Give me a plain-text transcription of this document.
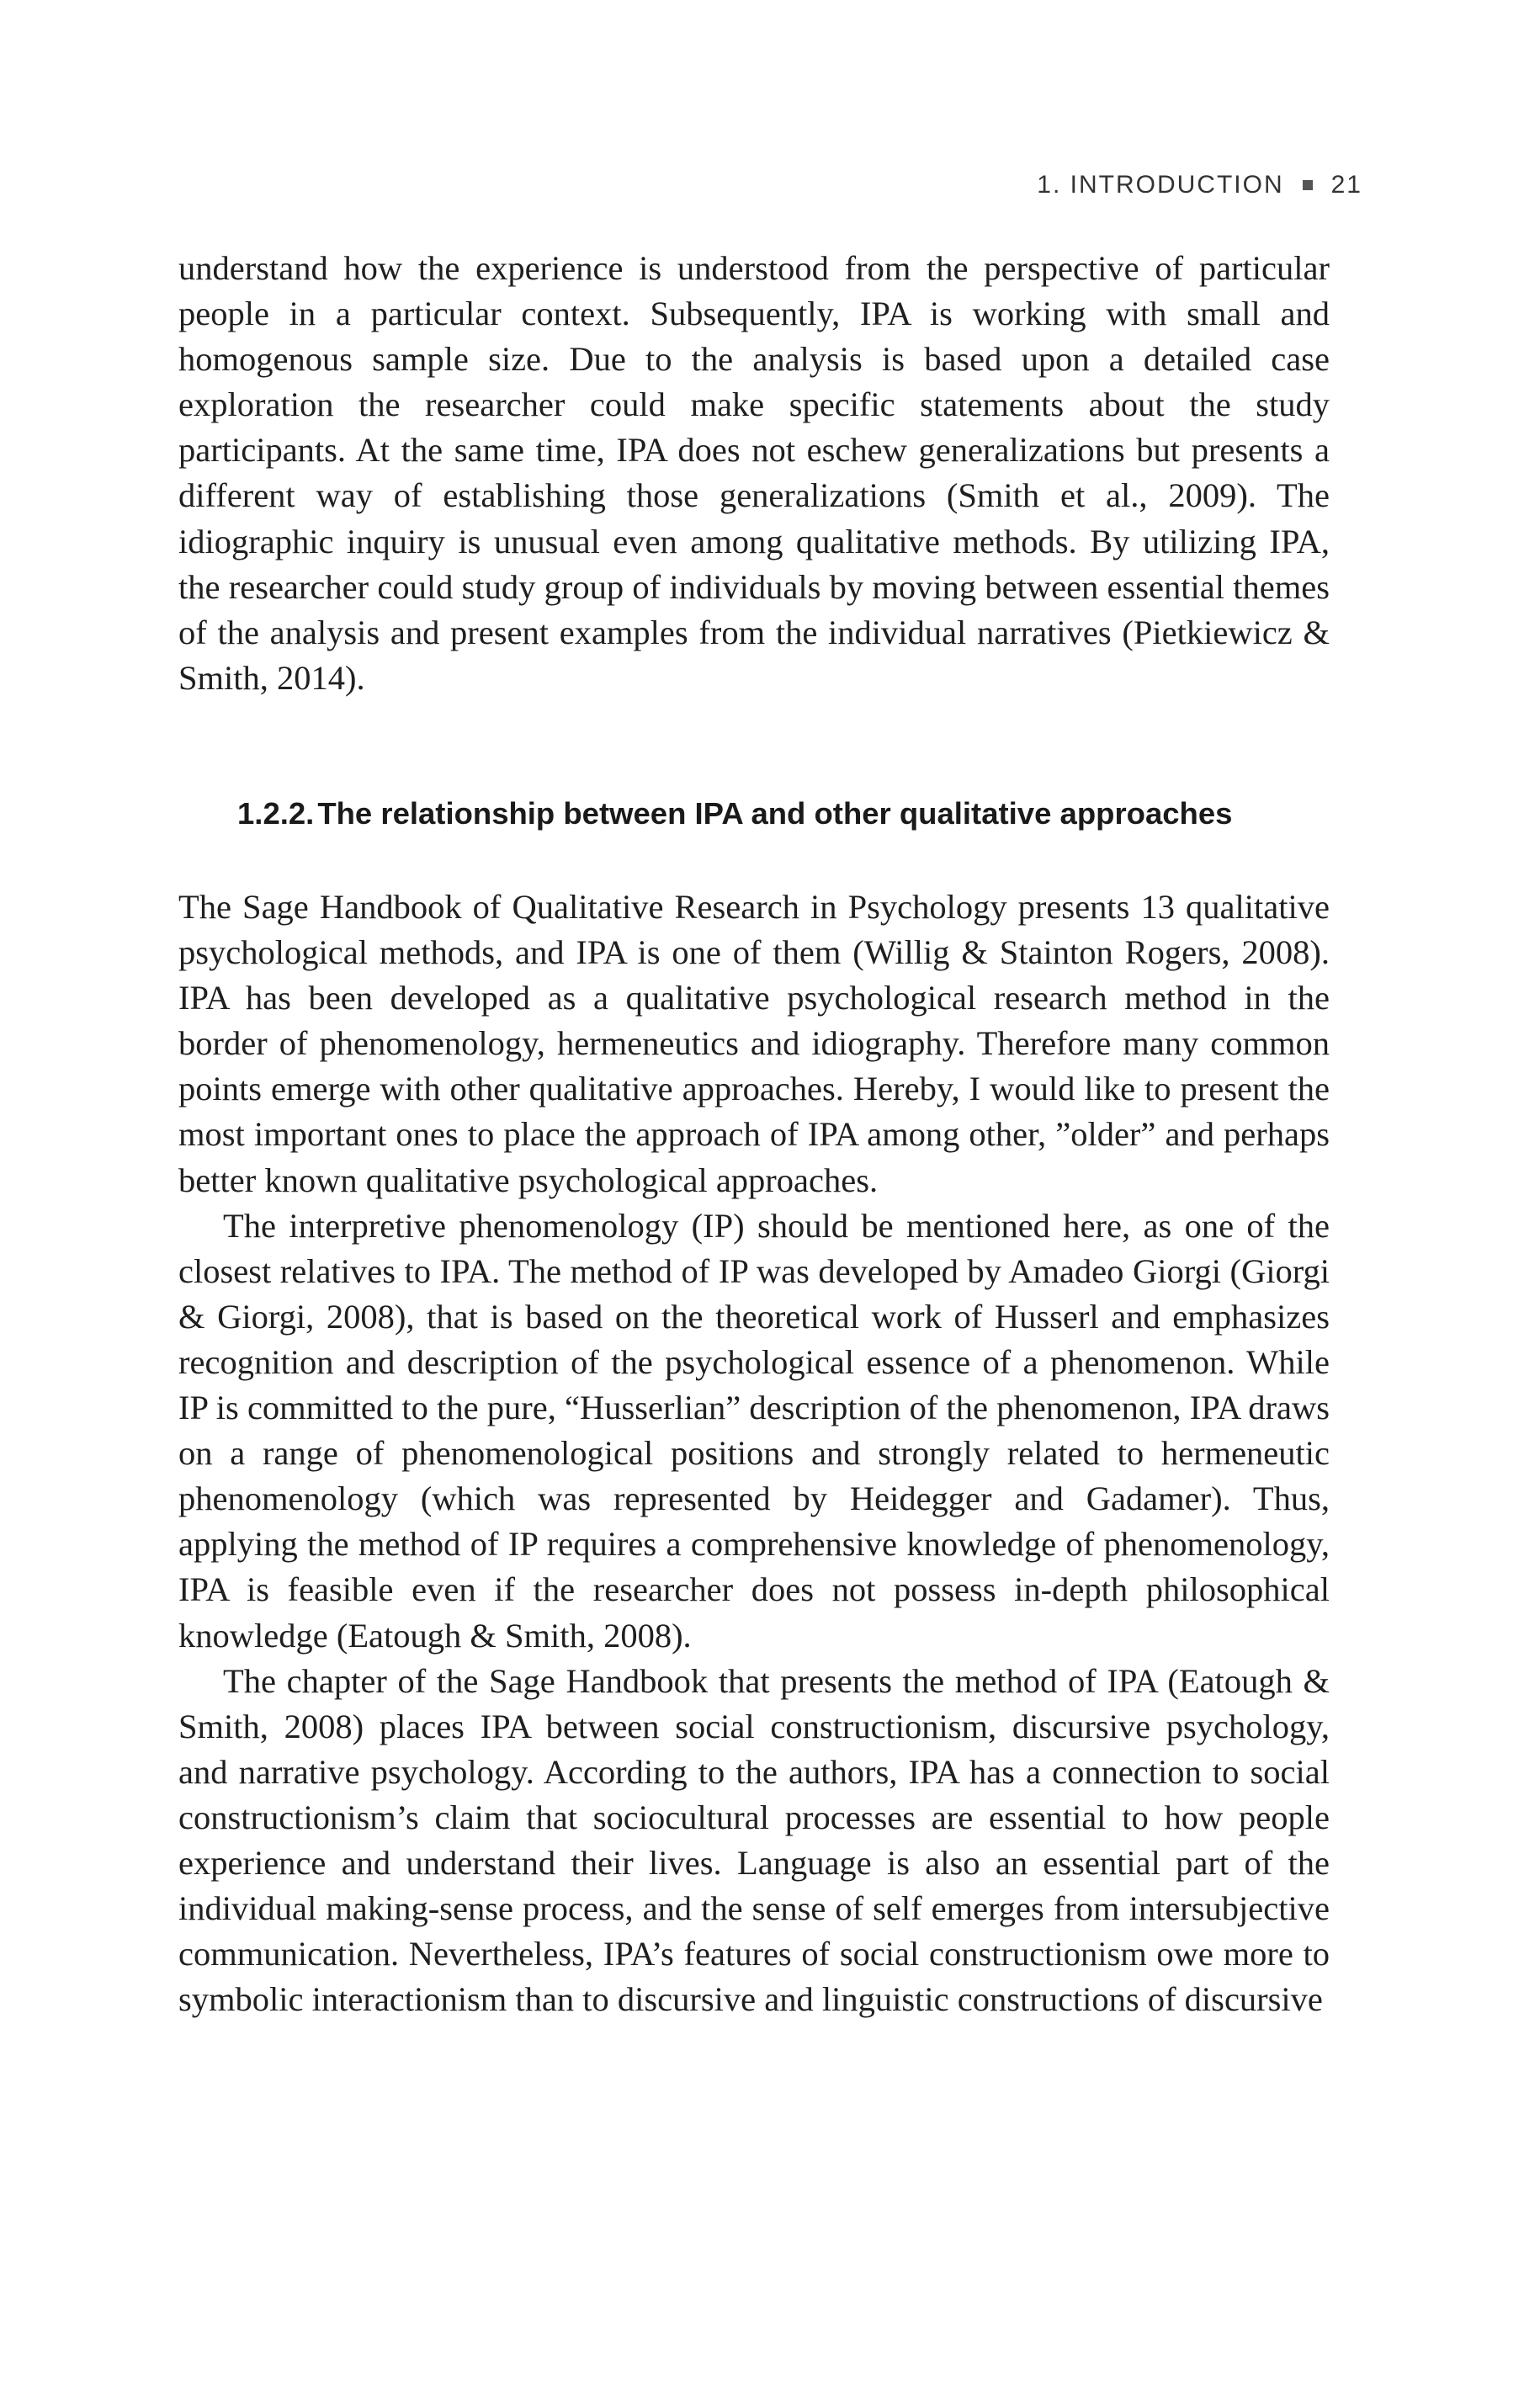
1. INTRODUCTION 21

understand how the experience is understood from the perspective of particular people in a particular context. Subsequently, IPA is working with small and homogenous sample size. Due to the analysis is based upon a detailed case exploration the researcher could make specific statements about the study participants. At the same time, IPA does not eschew generalizations but presents a different way of establishing those generalizations (Smith et al., 2009). The idiographic inquiry is unusual even among qualitative methods. By utilizing IPA, the researcher could study group of individuals by moving between essential themes of the analysis and present examples from the individual narratives (Pietkiewicz & Smith, 2014).

1.2.2. The relationship between IPA and other qualitative approaches

The Sage Handbook of Qualitative Research in Psychology presents 13 qualitative psychological methods, and IPA is one of them (Willig & Stainton Rogers, 2008). IPA has been developed as a qualitative psychological research method in the border of phenomenology, hermeneutics and idiography. Therefore many common points emerge with other qualitative approaches. Hereby, I would like to present the most important ones to place the approach of IPA among other, ”older” and perhaps better known qualitative psychological approaches.

The interpretive phenomenology (IP) should be mentioned here, as one of the closest relatives to IPA. The method of IP was developed by Amadeo Giorgi (Giorgi & Giorgi, 2008), that is based on the theoretical work of Husserl and emphasizes recognition and description of the psychological essence of a phenomenon. While IP is committed to the pure, “Husserlian” description of the phenomenon, IPA draws on a range of phenomenological positions and strongly related to hermeneutic phenomenology (which was represented by Heidegger and Gadamer). Thus, applying the method of IP requires a comprehensive knowledge of phenomenology, IPA is feasible even if the researcher does not possess in-depth philosophical knowledge (Eatough & Smith, 2008).

The chapter of the Sage Handbook that presents the method of IPA (Eatough & Smith, 2008) places IPA between social constructionism, discursive psychology, and narrative psychology. According to the authors, IPA has a connection to social constructionism’s claim that sociocultural processes are essential to how people experience and understand their lives. Language is also an essential part of the individual making-sense process, and the sense of self emerges from intersubjective communication. Nevertheless, IPA’s features of social constructionism owe more to symbolic interactionism than to discursive and linguistic constructions of discursive
